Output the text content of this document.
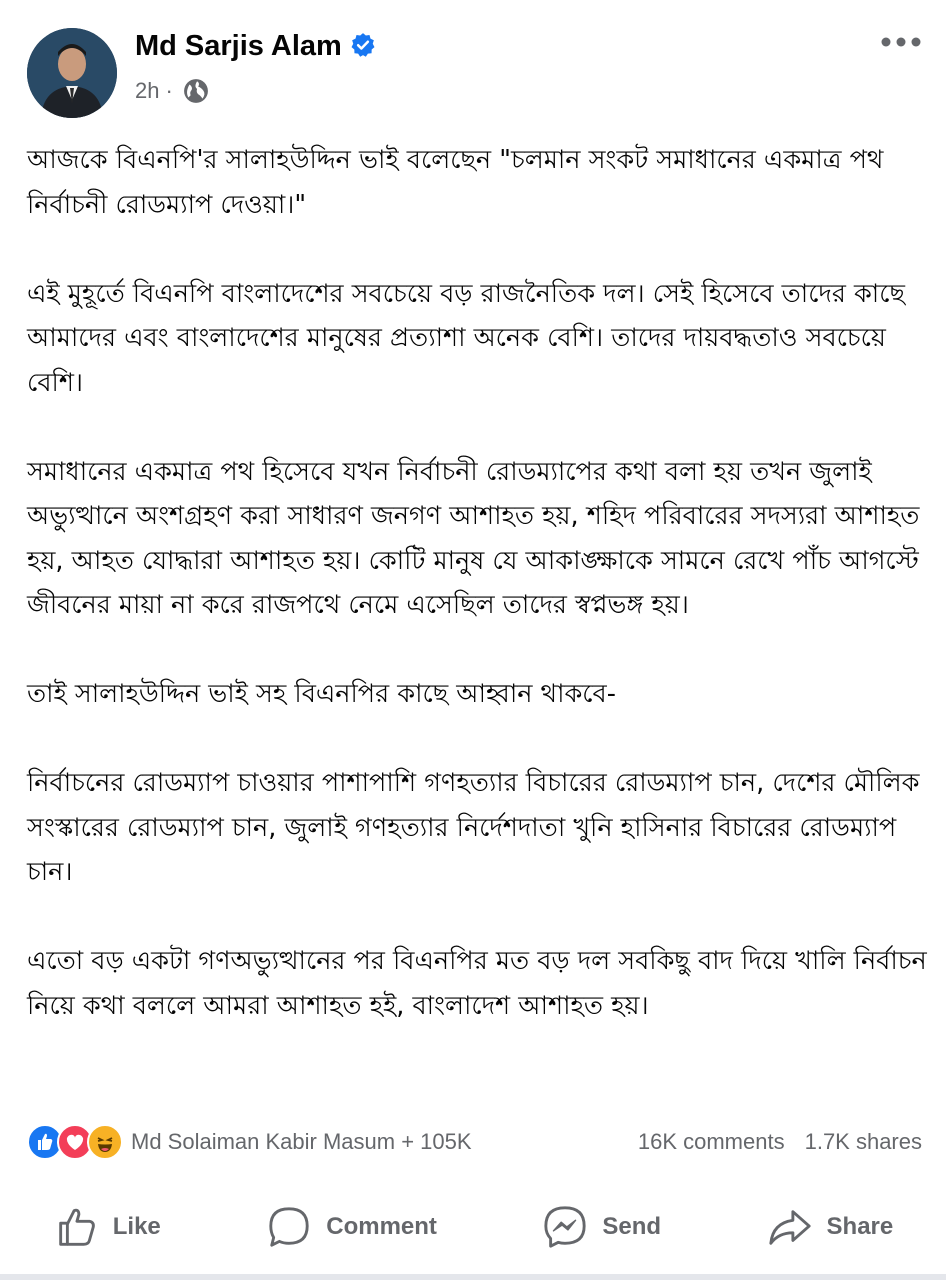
Md Sarjis Alam
2h ·

আজকে বিএনপি'র সালাহউদ্দিন ভাই বলেছেন "চলমান সংকট সমাধানের একমাত্র পথ নির্বাচনী রোডম্যাপ দেওয়া।"

এই মুহূর্তে বিএনপি বাংলাদেশের সবচেয়ে বড় রাজনৈতিক দল। সেই হিসেবে তাদের কাছে আমাদের এবং বাংলাদেশের মানুষের প্রত্যাশা অনেক বেশি। তাদের দায়বদ্ধতাও সবচেয়ে বেশি।

সমাধানের একমাত্র পথ হিসেবে যখন নির্বাচনী রোডম্যাপের কথা বলা হয় তখন জুলাই অভ্যুত্থানে অংশগ্রহণ করা সাধারণ জনগণ আশাহত হয়, শহিদ পরিবারের সদস্যরা আশাহত হয়, আহত যোদ্ধারা আশাহত হয়। কোটি মানুষ যে আকাঙ্ক্ষাকে সামনে রেখে পাঁচ আগস্টে জীবনের মায়া না করে রাজপথে নেমে এসেছিল তাদের স্বপ্নভঙ্গ হয়।

তাই সালাহউদ্দিন ভাই সহ বিএনপির কাছে আহ্বান থাকবে-

নির্বাচনের রোডম্যাপ চাওয়ার পাশাপাশি গণহত্যার বিচারের রোডম্যাপ চান, দেশের মৌলিক সংস্কারের রোডম্যাপ চান, জুলাই গণহত্যার নির্দেশদাতা খুনি হাসিনার বিচারের রোডম্যাপ চান।

এতো বড় একটা গণঅভ্যুত্থানের পর বিএনপির মত বড় দল সবকিছু বাদ দিয়ে খালি নির্বাচন নিয়ে কথা বললে আমরা আশাহত হই, বাংলাদেশ আশাহত হয়।

Md Solaiman Kabir Masum + 105K	16K comments 1.7K shares
Like	Comment	Send	Share
